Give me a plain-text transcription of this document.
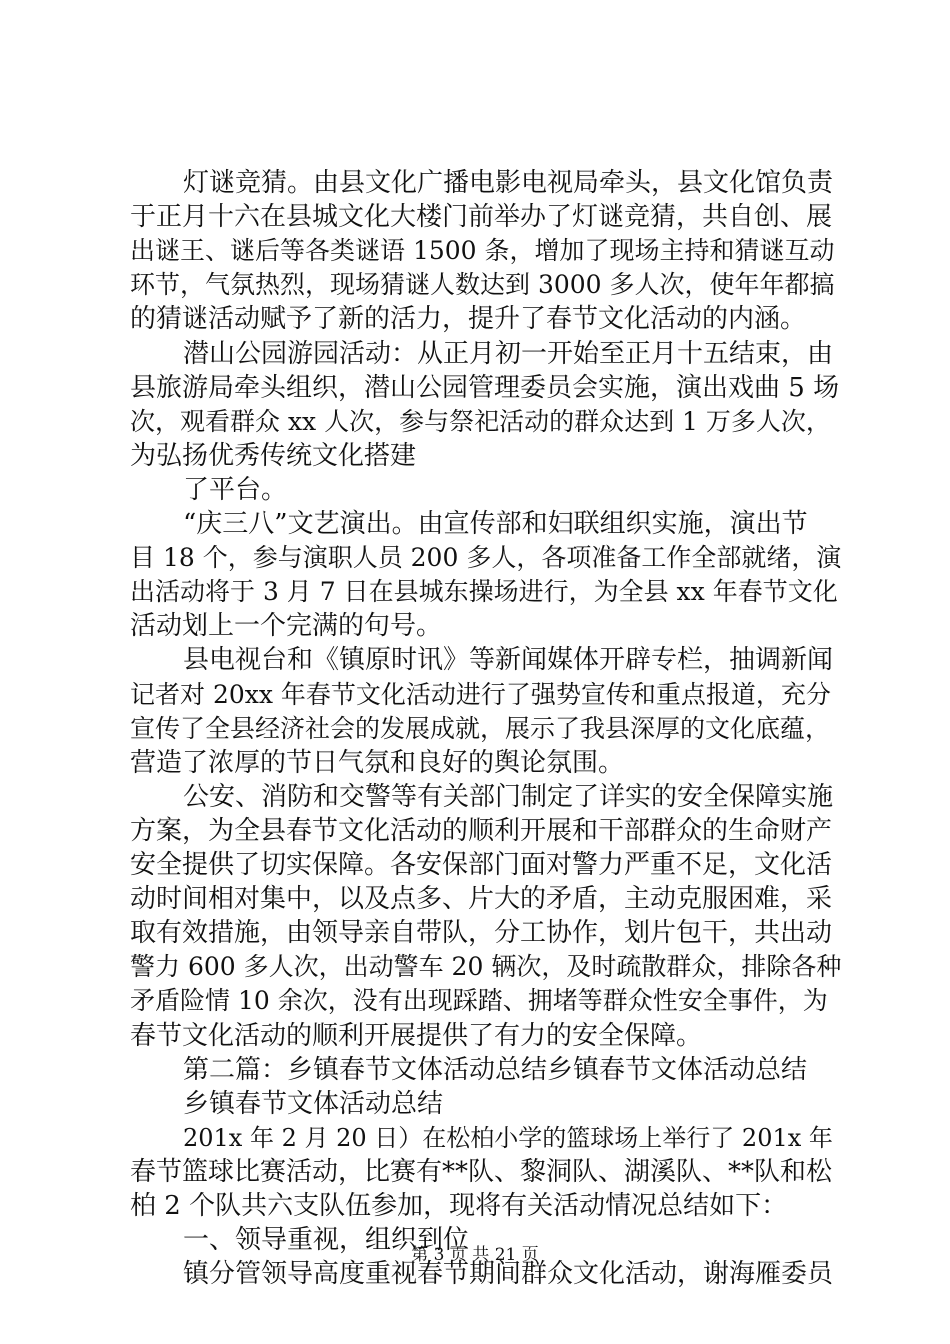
灯谜竞猜。由县文化广播电影电视局牵头，县文化馆负责
于正月十六在县城文化大楼门前举办了灯谜竞猜，共自创、展
出谜王、谜后等各类谜语 1500 条，增加了现场主持和猜谜互动
环节，气氛热烈，现场猜谜人数达到 3000 多人次，使年年都搞
的猜谜活动赋予了新的活力，提升了春节文化活动的内涵。
潜山公园游园活动：从正月初一开始至正月十五结束，由
县旅游局牵头组织，潜山公园管理委员会实施，演出戏曲 5 场
次，观看群众 xx 人次，参与祭祀活动的群众达到 1 万多人次，
为弘扬优秀传统文化搭建
了平台。
“庆三八”文艺演出。由宣传部和妇联组织实施，演出节
目 18 个，参与演职人员 200 多人，各项准备工作全部就绪，演
出活动将于 3 月 7 日在县城东操场进行，为全县 xx 年春节文化
活动划上一个完满的句号。
县电视台和《镇原时讯》等新闻媒体开辟专栏，抽调新闻
记者对 20xx 年春节文化活动进行了强势宣传和重点报道，充分
宣传了全县经济社会的发展成就，展示了我县深厚的文化底蕴，
营造了浓厚的节日气氛和良好的舆论氛围。
公安、消防和交警等有关部门制定了详实的安全保障实施
方案，为全县春节文化活动的顺利开展和干部群众的生命财产
安全提供了切实保障。各安保部门面对警力严重不足，文化活
动时间相对集中，以及点多、片大的矛盾，主动克服困难，采
取有效措施，由领导亲自带队，分工协作，划片包干，共出动
警力 600 多人次，出动警车 20 辆次，及时疏散群众，排除各种
矛盾险情 10 余次，没有出现踩踏、拥堵等群众性安全事件，为
春节文化活动的顺利开展提供了有力的安全保障。
第二篇：乡镇春节文体活动总结乡镇春节文体活动总结
乡镇春节文体活动总结
201x 年 2 月 20 日）在松柏小学的篮球场上举行了 201x 年
春节篮球比赛活动，比赛有**队、黎洞队、湖溪队、**队和松
柏 2 个队共六支队伍参加，现将有关活动情况总结如下：
一、领导重视，组织到位
镇分管领导高度重视春节期间群众文化活动，谢海雁委员
第 3 页 共 21 页
